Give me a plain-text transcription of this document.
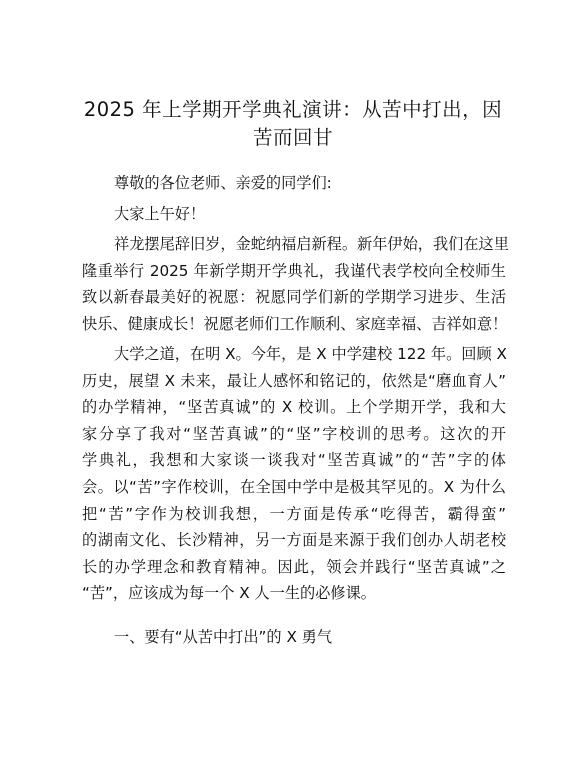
2025 年上学期开学典礼演讲：从苦中打出，因
苦而回甘

尊敬的各位老师、亲爱的同学们:

大家上午好！

祥龙摆尾辞旧岁，金蛇纳福启新程。新年伊始，我们在这里
隆重举行 2025 年新学期开学典礼，我谨代表学校向全校师生
致以新春最美好的祝愿：祝愿同学们新的学期学习进步、生活
快乐、健康成长！祝愿老师们工作顺利、家庭幸福、吉祥如意！
大学之道，在明 X。今年，是 X 中学建校 122 年。回顾 X
历史，展望 X 未来，最让人感怀和铭记的，依然是“磨血育人”
的办学精神，“坚苦真诚”的 X 校训。上个学期开学，我和大
家分享了我对“坚苦真诚”的“坚”字校训的思考。这次的开
学典礼，我想和大家谈一谈我对“坚苦真诚”的“苦”字的体
会。以“苦”字作校训，在全国中学中是极其罕见的。X 为什么
把“苦”字作为校训我想，一方面是传承“吃得苦，霸得蛮”
的湖南文化、长沙精神，另一方面是来源于我们创办人胡老校
长的办学理念和教育精神。因此，领会并践行“坚苦真诚”之
“苦”，应该成为每一个 X 人一生的必修课。

一、要有“从苦中打出”的 X 勇气
